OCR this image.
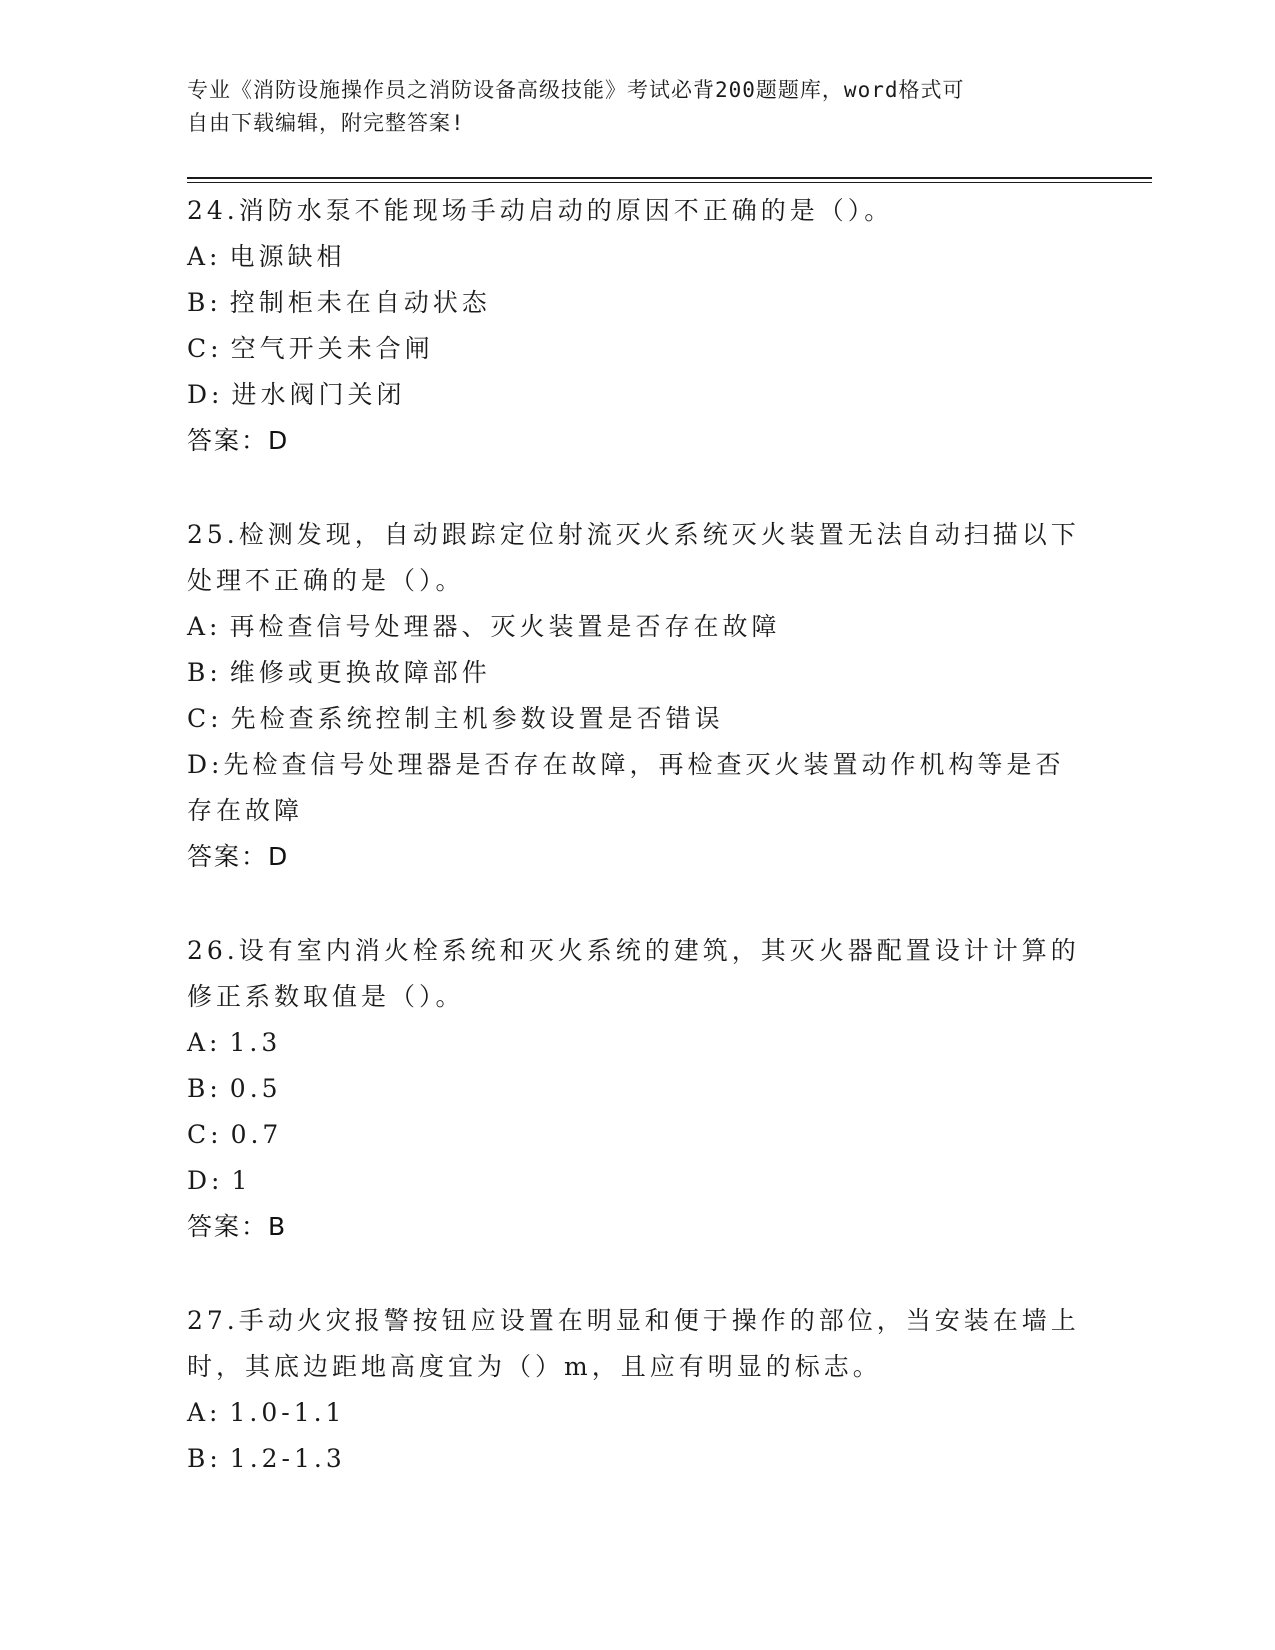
专业《消防设施操作员之消防设备高级技能》考试必背200题题库，word格式可
自由下载编辑，附完整答案!
24.消防水泵不能现场手动启动的原因不正确的是（）。
A: 电源缺相
B: 控制柜未在自动状态
C: 空气开关未合闸
D: 进水阀门关闭
答案：D
25.检测发现，自动跟踪定位射流灭火系统灭火装置无法自动扫描以下处理不正确的是（）。
A: 再检查信号处理器、灭火装置是否存在故障
B: 维修或更换故障部件
C: 先检查系统控制主机参数设置是否错误
D:先检查信号处理器是否存在故障，再检查灭火装置动作机构等是否存在故障
答案：D
26.设有室内消火栓系统和灭火系统的建筑，其灭火器配置设计计算的修正系数取值是（）。
A: 1.3
B: 0.5
C: 0.7
D: 1
答案：B
27.手动火灾报警按钮应设置在明显和便于操作的部位，当安装在墙上时，其底边距地高度宜为（）m，且应有明显的标志。
A: 1.0-1.1
B: 1.2-1.3
